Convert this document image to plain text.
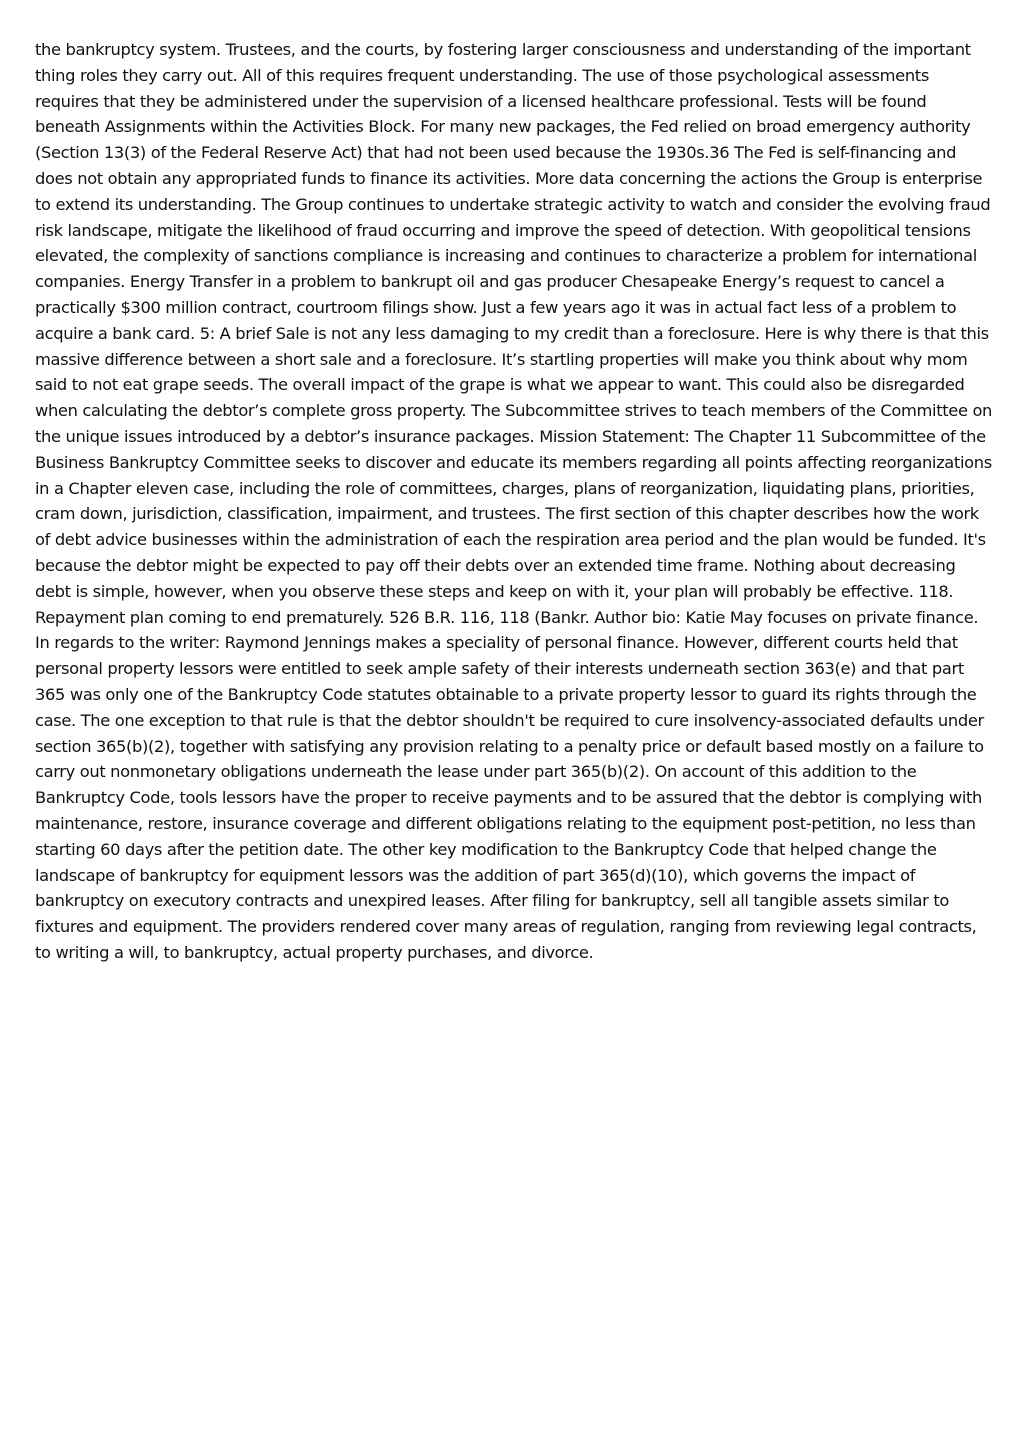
the bankruptcy system. Trustees, and the courts, by fostering larger consciousness and understanding of the important thing roles they carry out. All of this requires frequent understanding. The use of those psychological assessments requires that they be administered under the supervision of a licensed healthcare professional. Tests will be found beneath Assignments within the Activities Block. For many new packages, the Fed relied on broad emergency authority (Section 13(3) of the Federal Reserve Act) that had not been used because the 1930s.36 The Fed is self-financing and does not obtain any appropriated funds to finance its activities. More data concerning the actions the Group is enterprise to extend its understanding. The Group continues to undertake strategic activity to watch and consider the evolving fraud risk landscape, mitigate the likelihood of fraud occurring and improve the speed of detection. With geopolitical tensions elevated, the complexity of sanctions compliance is increasing and continues to characterize a problem for international companies. Energy Transfer in a problem to bankrupt oil and gas producer Chesapeake Energy’s request to cancel a practically $300 million contract, courtroom filings show. Just a few years ago it was in actual fact less of a problem to acquire a bank card. 5: A brief Sale is not any less damaging to my credit than a foreclosure. Here is why there is that this massive difference between a short sale and a foreclosure. It’s startling properties will make you think about why mom said to not eat grape seeds. The overall impact of the grape is what we appear to want. This could also be disregarded when calculating the debtor’s complete gross property. The Subcommittee strives to teach members of the Committee on the unique issues introduced by a debtor’s insurance packages. Mission Statement: The Chapter 11 Subcommittee of the Business Bankruptcy Committee seeks to discover and educate its members regarding all points affecting reorganizations in a Chapter eleven case, including the role of committees, charges, plans of reorganization, liquidating plans, priorities, cram down, jurisdiction, classification, impairment, and trustees. The first section of this chapter describes how the work of debt advice businesses within the administration of each the respiration area period and the plan would be funded. It's because the debtor might be expected to pay off their debts over an extended time frame. Nothing about decreasing debt is simple, however, when you observe these steps and keep on with it, your plan will probably be effective. 118. Repayment plan coming to end prematurely. 526 B.R. 116, 118 (Bankr. Author bio: Katie May focuses on private finance. In regards to the writer: Raymond Jennings makes a speciality of personal finance. However, different courts held that personal property lessors were entitled to seek ample safety of their interests underneath section 363(e) and that part 365 was only one of the Bankruptcy Code statutes obtainable to a private property lessor to guard its rights through the case. The one exception to that rule is that the debtor shouldn't be required to cure insolvency-associated defaults under section 365(b)(2), together with satisfying any provision relating to a penalty price or default based mostly on a failure to carry out nonmonetary obligations underneath the lease under part 365(b)(2). On account of this addition to the Bankruptcy Code, tools lessors have the proper to receive payments and to be assured that the debtor is complying with maintenance, restore, insurance coverage and different obligations relating to the equipment post-petition, no less than starting 60 days after the petition date. The other key modification to the Bankruptcy Code that helped change the landscape of bankruptcy for equipment lessors was the addition of part 365(d)(10), which governs the impact of bankruptcy on executory contracts and unexpired leases. After filing for bankruptcy, sell all tangible assets similar to fixtures and equipment. The providers rendered cover many areas of regulation, ranging from reviewing legal contracts, to writing a will, to bankruptcy, actual property purchases, and divorce.
